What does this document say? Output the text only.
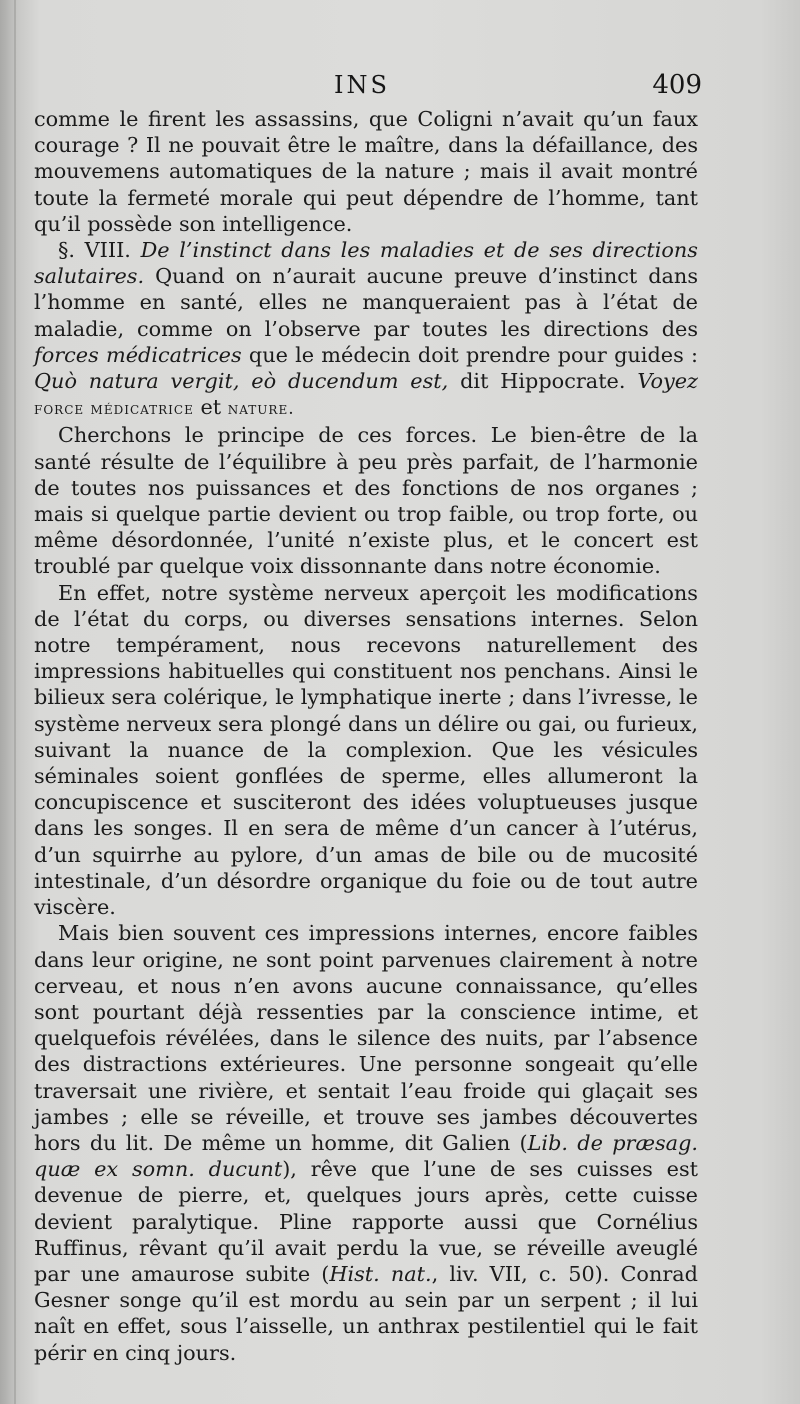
INS	409

comme le firent les assassins, que Coligni n’avait qu’un faux courage ? Il ne pouvait être le maître, dans la défaillance, des mouvemens automatiques de la nature ; mais il avait montré toute la fermeté morale qui peut dépendre de l’homme, tant qu’il possède son intelligence.

§. VIII. De l’instinct dans les maladies et de ses directions salutaires. Quand on n’aurait aucune preuve d’instinct dans l’homme en santé, elles ne manqueraient pas à l’état de maladie, comme on l’observe par toutes les directions des forces médicatrices que le médecin doit prendre pour guides : Quò natura vergit, eò ducendum est, dit Hippocrate. Voyez force médicatrice et nature.

Cherchons le principe de ces forces. Le bien-être de la santé résulte de l’équilibre à peu près parfait, de l’harmonie de toutes nos puissances et des fonctions de nos organes ; mais si quelque partie devient ou trop faible, ou trop forte, ou même désordonnée, l’unité n’existe plus, et le concert est troublé par quelque voix dissonnante dans notre économie.

En effet, notre système nerveux aperçoit les modifications de l’état du corps, ou diverses sensations internes. Selon notre tempérament, nous recevons naturellement des impressions habituelles qui constituent nos penchans. Ainsi le bilieux sera colérique, le lymphatique inerte ; dans l’ivresse, le système nerveux sera plongé dans un délire ou gai, ou furieux, suivant la nuance de la complexion. Que les vésicules séminales soient gonflées de sperme, elles allumeront la concupiscence et susciteront des idées voluptueuses jusque dans les songes. Il en sera de même d’un cancer à l’utérus, d’un squirrhe au pylore, d’un amas de bile ou de mucosité intestinale, d’un désordre organique du foie ou de tout autre viscère.

Mais bien souvent ces impressions internes, encore faibles dans leur origine, ne sont point parvenues clairement à notre cerveau, et nous n’en avons aucune connaissance, qu’elles sont pourtant déjà ressenties par la conscience intime, et quelquefois révélées, dans le silence des nuits, par l’absence des distractions extérieures. Une personne songeait qu’elle traversait une rivière, et sentait l’eau froide qui glaçait ses jambes ; elle se réveille, et trouve ses jambes découvertes hors du lit. De même un homme, dit Galien (Lib. de præsag. quæ ex somn. ducunt), rêve que l’une de ses cuisses est devenue de pierre, et, quelques jours après, cette cuisse devient paralytique. Pline rapporte aussi que Cornélius Ruffinus, rêvant qu’il avait perdu la vue, se réveille aveuglé par une amaurose subite (Hist. nat., liv. VII, c. 50). Conrad Gesner songe qu’il est mordu au sein par un serpent ; il lui naît en effet, sous l’aisselle, un anthrax pestilentiel qui le fait périr en cinq jours.
